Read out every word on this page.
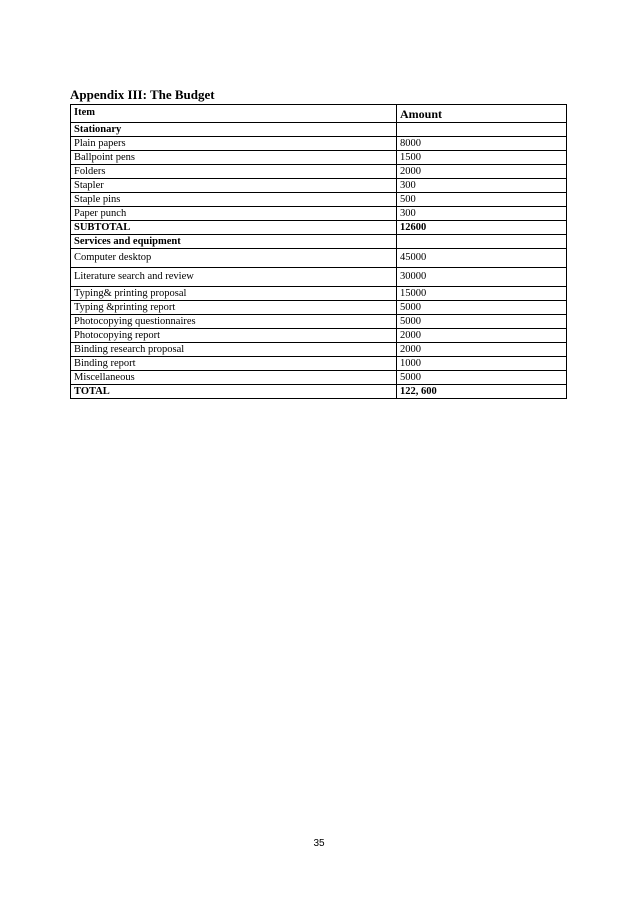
Appendix III: The Budget
Item	Amount
Stationary	
Plain papers	8000
Ballpoint pens	1500
Folders	2000
Stapler	300
Staple pins	500
Paper punch	300
SUBTOTAL	12600
Services and equipment	
Computer desktop	45000
Literature search and review	30000
Typing& printing proposal	15000
Typing &printing report	5000
Photocopying questionnaires	5000
Photocopying report	2000
Binding research proposal	2000
Binding report	1000
Miscellaneous	5000
TOTAL	122, 600
35
